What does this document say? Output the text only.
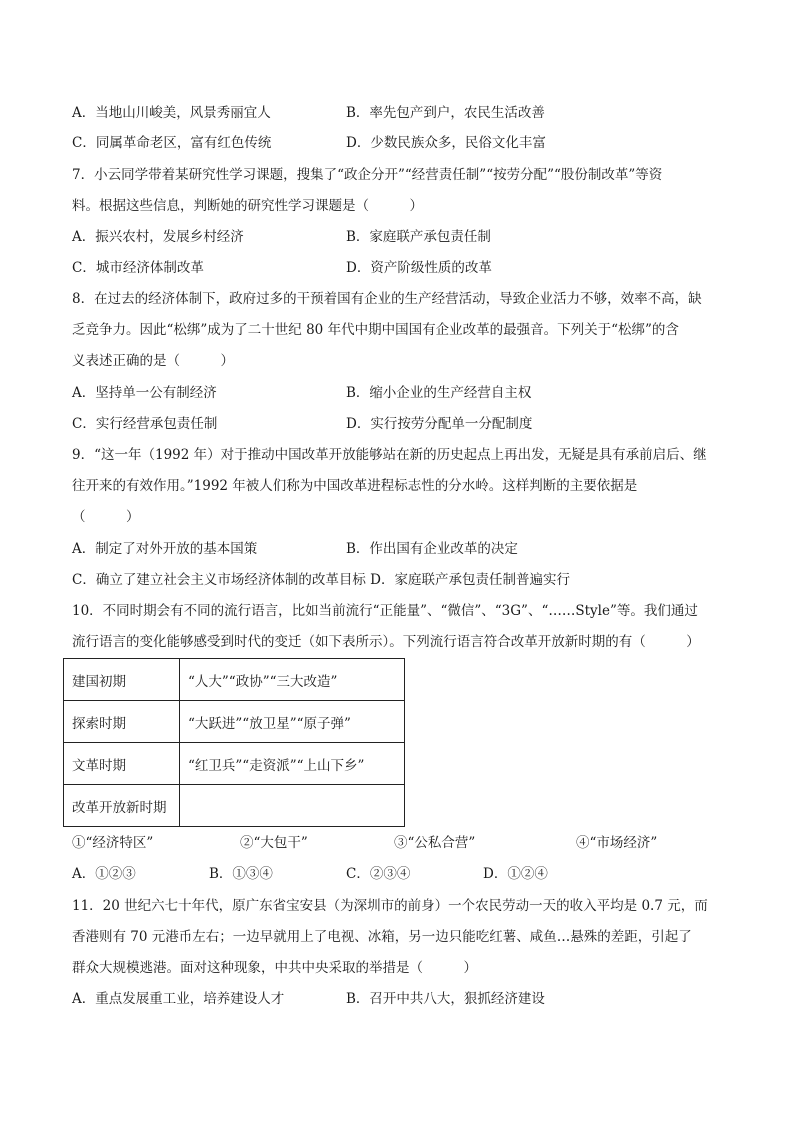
A．当地山川峻美，风景秀丽宜人	B．率先包产到户，农民生活改善
C．同属革命老区，富有红色传统	D．少数民族众多，民俗文化丰富
7．小云同学带着某研究性学习课题，搜集了“政企分开”“经营责任制”“按劳分配”“股份制改革”等资
料。根据这些信息，判断她的研究性学习课题是（　　　）
A．振兴农村，发展乡村经济	B．家庭联产承包责任制
C．城市经济体制改革	D．资产阶级性质的改革
8．在过去的经济体制下，政府过多的干预着国有企业的生产经营活动，导致企业活力不够，效率不高，缺
乏竞争力。因此“松绑”成为了二十世纪 80 年代中期中国国有企业改革的最强音。下列关于“松绑”的含
义表述正确的是（　　　）
A．坚持单一公有制经济	B．缩小企业的生产经营自主权
C．实行经营承包责任制	D．实行按劳分配单一分配制度
9．“这一年（1992 年）对于推动中国改革开放能够站在新的历史起点上再出发，无疑是具有承前启后、继
往开来的有效作用。”1992 年被人们称为中国改革进程标志性的分水岭。这样判断的主要依据是
（　　　）
A．制定了对外开放的基本国策	B．作出国有企业改革的决定
C．确立了建立社会主义市场经济体制的改革目标 D．家庭联产承包责任制普遍实行
10．不同时期会有不同的流行语言，比如当前流行“正能量”、“微信”、“3G”、“……Style”等。我们通过
流行语言的变化能够感受到时代的变迁（如下表所示）。下列流行语言符合改革开放新时期的有（　　　）
建国初期	“人大”“政协”“三大改造”
探索时期	“大跃进”“放卫星”“原子弹”
文革时期	“红卫兵”“走资派”“上山下乡”
改革开放新时期	
①“经济特区”	②“大包干”	③“公私合营”	④“市场经济”
A．①②③	B．①③④	C．②③④	D．①②④
11．20 世纪六七十年代，原广东省宝安县（为深圳市的前身）一个农民劳动一天的收入平均是 0.7 元，而
香港则有 70 元港币左右；一边早就用上了电视、冰箱，另一边只能吃红薯、咸鱼…悬殊的差距，引起了
群众大规模逃港。面对这种现象，中共中央采取的举措是（　　　）
A．重点发展重工业，培养建设人才	B．召开中共八大，狠抓经济建设
